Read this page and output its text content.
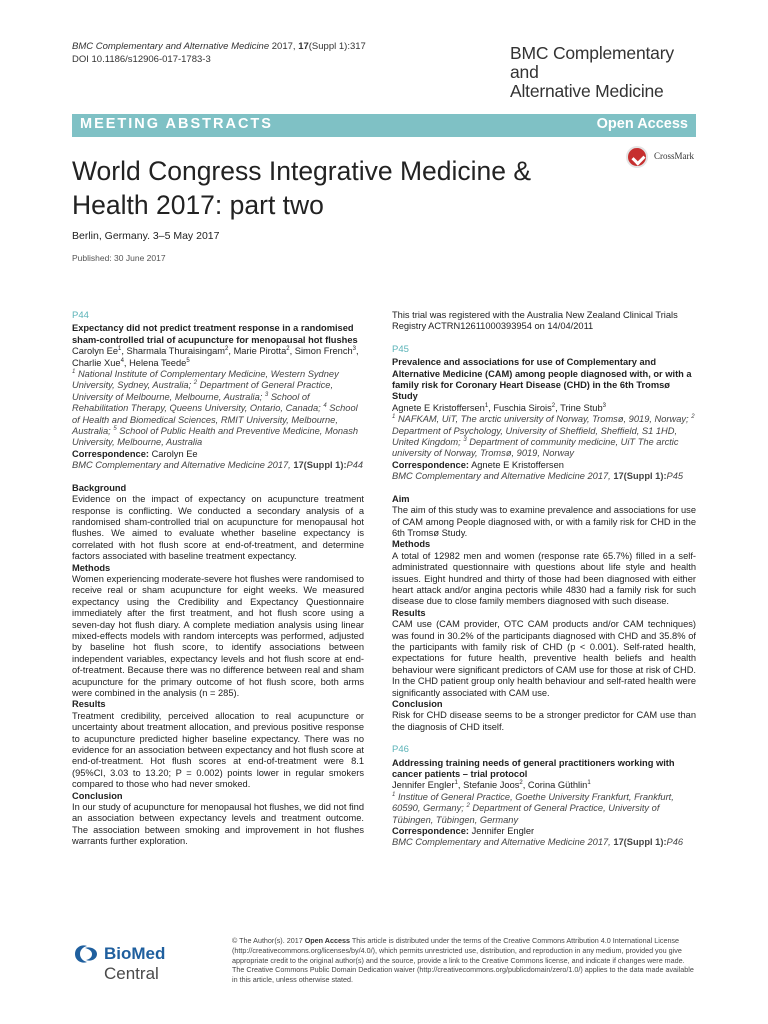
BMC Complementary and Alternative Medicine 2017, 17(Suppl 1):317
DOI 10.1186/s12906-017-1783-3	BMC Complementary and
Alternative Medicine
MEETING ABSTRACTS	Open Access
CrossMark
World Congress Integrative Medicine & Health 2017: part two
Berlin, Germany. 3–5 May 2017
Published: 30 June 2017
P44
Expectancy did not predict treatment response in a randomised sham-controlled trial of acupuncture for menopausal hot flushes
Carolyn Ee$^1$, Sharmala Thuraisingam$^2$, Marie Pirotta$^2$, Simon French$^3$, Charlie Xue$^4$, Helena Teede$^5$
$^1$ National Institute of Complementary Medicine, Western Sydney University, Sydney, Australia; $^2$ Department of General Practice, University of Melbourne, Melbourne, Australia; $^3$ School of Rehabilitation Therapy, Queens University, Ontario, Canada; $^4$ School of Health and Biomedical Sciences, RMIT University, Melbourne, Australia; $^5$ School of Public Health and Preventive Medicine, Monash University, Melbourne, Australia
Correspondence: Carolyn Ee
BMC Complementary and Alternative Medicine 2017, 17(Suppl 1):P44
Background
Evidence on the impact of expectancy on acupuncture treatment response is conflicting. We conducted a secondary analysis of a randomised sham-controlled trial on acupuncture for menopausal hot flushes. We aimed to evaluate whether baseline expectancy is correlated with hot flush score at end-of-treatment, and determine factors associated with baseline treatment expectancy.
Methods
Women experiencing moderate-severe hot flushes were randomised to receive real or sham acupuncture for eight weeks. We measured expectancy using the Credibility and Expectancy Questionnaire immediately after the first treatment, and hot flush score using a seven-day hot flush diary. A complete mediation analysis using linear mixed-effects models with random intercepts was performed, adjusted by baseline hot flush score, to identify associations between independent variables, expectancy levels and hot flush score at end-of-treatment. Because there was no difference between real and sham acupuncture for the primary outcome of hot flush score, both arms were combined in the analysis (n = 285).
Results
Treatment credibility, perceived allocation to real acupuncture or uncertainty about treatment allocation, and previous positive response to acupuncture predicted higher baseline expectancy. There was no evidence for an association between expectancy and hot flush score at end-of-treatment. Hot flush scores at end-of-treatment were 8.1 (95%CI, 3.03 to 13.20; P = 0.002) points lower in regular smokers compared to those who had never smoked.
Conclusion
In our study of acupuncture for menopausal hot flushes, we did not find an association between expectancy levels and treatment outcome. The association between smoking and improvement in hot flushes warrants further exploration.
This trial was registered with the Australia New Zealand Clinical Trials Registry ACTRN12611000393954 on 14/04/2011
P45
Prevalence and associations for use of Complementary and Alternative Medicine (CAM) among people diagnosed with, or with a family risk for Coronary Heart Disease (CHD) in the 6th Tromsø Study
Agnete E Kristoffersen$^1$, Fuschia Sirois$^2$, Trine Stub$^3$
$^1$ NAFKAM, UiT, The arctic university of Norway, Tromsø, 9019, Norway; $^2$ Department of Psychology, University of Sheffield, Sheffield, S1 1HD, United Kingdom; $^3$ Department of community medicine, UiT The arctic university of Norway, Tromsø, 9019, Norway
Correspondence: Agnete E Kristoffersen
BMC Complementary and Alternative Medicine 2017, 17(Suppl 1):P45
Aim
The aim of this study was to examine prevalence and associations for use of CAM among People diagnosed with, or with a family risk for CHD in the 6th Tromsø Study.
Methods
A total of 12982 men and women (response rate 65.7%) filled in a self-administrated questionnaire with questions about life style and health issues. Eight hundred and thirty of those had been diagnosed with either heart attack and/or angina pectoris while 4830 had a family risk for such disease due to close family members diagnosed with such disease.
Results
CAM use (CAM provider, OTC CAM products and/or CAM techniques) was found in 30.2% of the participants diagnosed with CHD and 35.8% of the participants with family risk of CHD (p < 0.001). Self-rated health, expectations for future health, preventive health beliefs and health behaviour were significant predictors of CAM use for those at risk of CHD. In the CHD patient group only health behaviour and self-rated health were significantly associated with CAM use.
Conclusion
Risk for CHD disease seems to be a stronger predictor for CAM use than the diagnosis of CHD itself.
P46
Addressing training needs of general practitioners working with cancer patients – trial protocol
Jennifer Engler$^1$, Stefanie Joos$^2$, Corina Güthlin$^1$
$^1$ Institue of General Practice, Goethe University Frankfurt, Frankfurt, 60590, Germany; $^2$ Department of General Practice, University of Tübingen, Tübingen, Germany
Correspondence: Jennifer Engler
BMC Complementary and Alternative Medicine 2017, 17(Suppl 1):P46
BioMed Central
© The Author(s). 2017 Open Access This article is distributed under the terms of the Creative Commons Attribution 4.0 International License (http://creativecommons.org/licenses/by/4.0/), which permits unrestricted use, distribution, and reproduction in any medium, provided you give appropriate credit to the original author(s) and the source, provide a link to the Creative Commons license, and indicate if changes were made. The Creative Commons Public Domain Dedication waiver (http://creativecommons.org/publicdomain/zero/1.0/) applies to the data made available in this article, unless otherwise stated.
